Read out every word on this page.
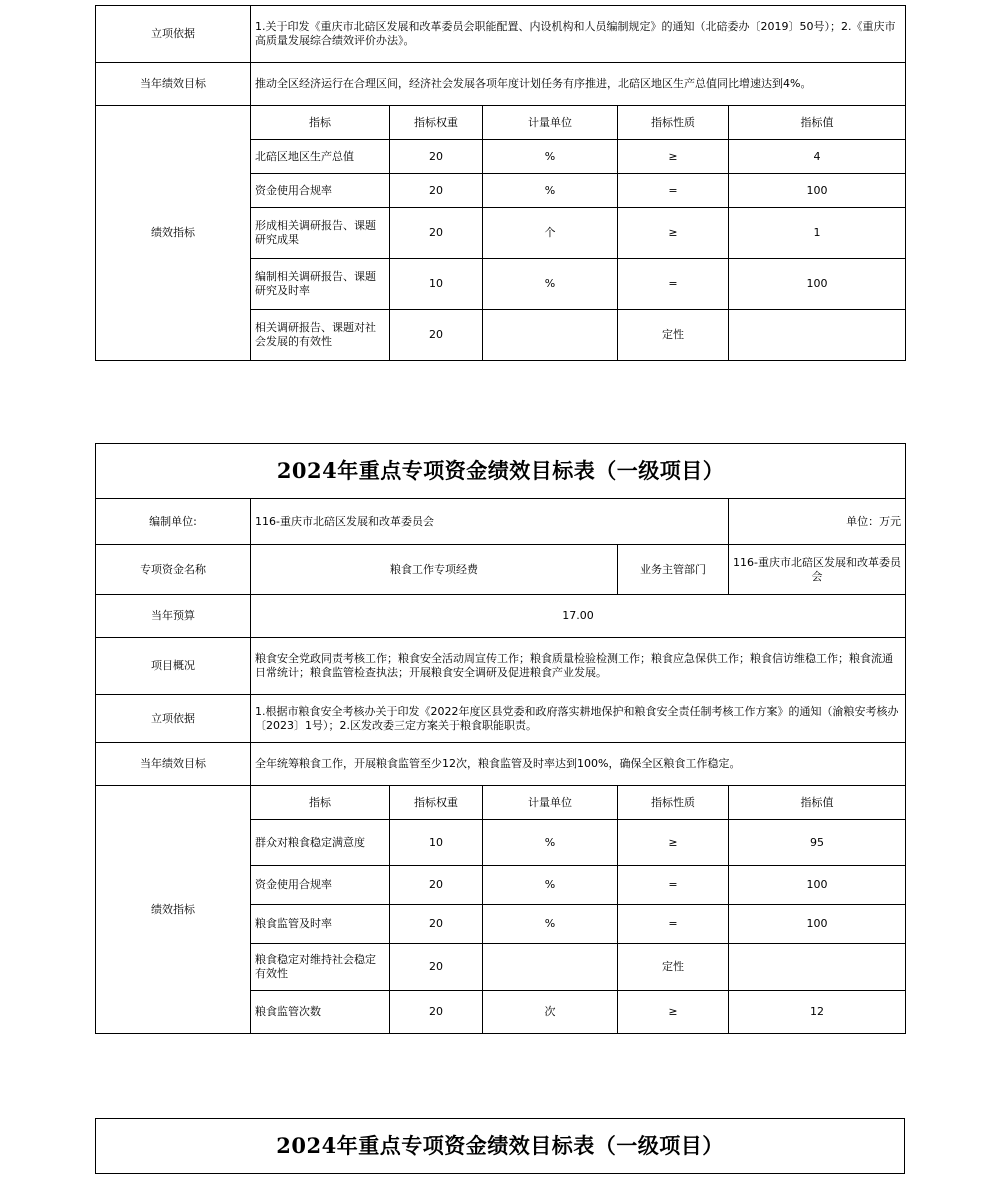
立项依据	1.关于印发《重庆市北碚区发展和改革委员会职能配置、内设机构和人员编制规定》的通知（北碚委办〔2019〕50号）；2.《重庆市高质量发展综合绩效评价办法》。				
当年绩效目标	推动全区经济运行在合理区间，经济社会发展各项年度计划任务有序推进，北碚区地区生产总值同比增速达到4%。				
绩效指标	指标	指标权重	计量单位	指标性质	指标值
	北碚区地区生产总值	20	%	≥	4
	资金使用合规率	20	%	=	100
	形成相关调研报告、课题研究成果	20	个	≥	1
	编制相关调研报告、课题研究及时率	10	%	=	100
	相关调研报告、课题对社会发展的有效性	20		定性	
2024年重点专项资金绩效目标表（一级项目）					
编制单位:	116-重庆市北碚区发展和改革委员会				单位：万元
专项资金名称	粮食工作专项经费			业务主管部门	116-重庆市北碚区发展和改革委员会
当年预算	17.00				
项目概况	粮食安全党政同责考核工作；粮食安全活动周宣传工作；粮食质量检验检测工作；粮食应急保供工作；粮食信访维稳工作；粮食流通日常统计；粮食监管检查执法；开展粮食安全调研及促进粮食产业发展。				
立项依据	1.根据市粮食安全考核办关于印发《2022年度区县党委和政府落实耕地保护和粮食安全责任制考核工作方案》的通知（渝粮安考核办〔2023〕1号）；2.区发改委三定方案关于粮食职能职责。				
当年绩效目标	全年统筹粮食工作，开展粮食监管至少12次，粮食监管及时率达到100%，确保全区粮食工作稳定。				
绩效指标	指标	指标权重	计量单位	指标性质	指标值
	群众对粮食稳定满意度	10	%	≥	95
	资金使用合规率	20	%	=	100
	粮食监管及时率	20	%	=	100
	粮食稳定对维持社会稳定有效性	20		定性	
	粮食监管次数	20	次	≥	12
2024年重点专项资金绩效目标表（一级项目）
